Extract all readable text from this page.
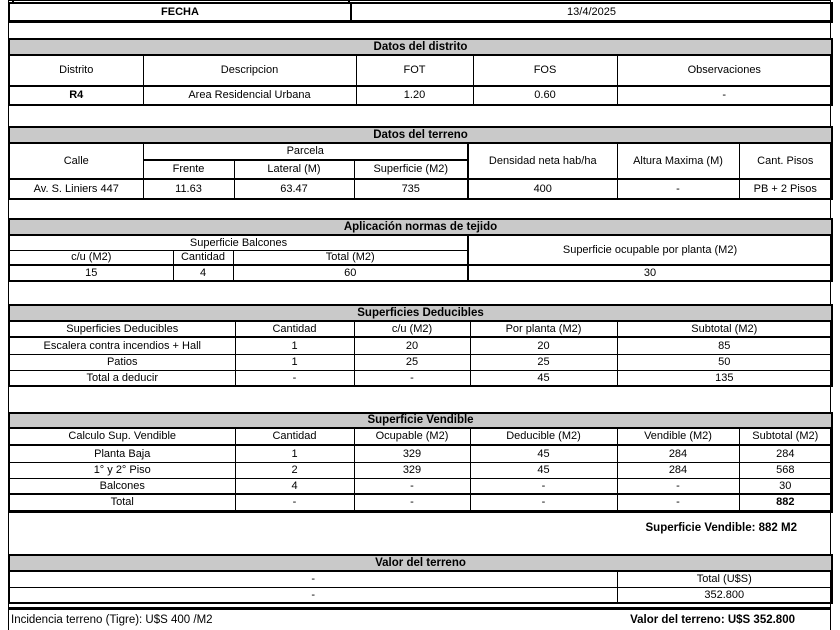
FECHA	13/4/2025
Datos del distrito				
Distrito	Descripcion	FOT	FOS	Observaciones
R4	Area Residencial Urbana	1.20	0.60	-
Datos del terreno						
Calle	Parcela			Densidad neta hab/ha	Altura Maxima (M)	Cant. Pisos
	Frente	Lateral (M)	Superficie (M2)			
Av. S. Liniers 447	11.63	63.47	735	400	-	PB + 2 Pisos
Aplicación normas de tejido			
Superficie Balcones			Superficie ocupable por planta (M2)
c/u (M2)	Cantidad	Total (M2)	
15	4	60	30
Superficies Deducibles				
Superficies Deducibles	Cantidad	c/u (M2)	Por planta (M2)	Subtotal (M2)
Escalera contra incendios + Hall	1	20	20	85
Patios	1	25	25	50
Total a deducir	-	-	45	135
Superficie Vendible					
Calculo Sup. Vendible	Cantidad	Ocupable (M2)	Deducible (M2)	Vendible (M2)	Subtotal (M2)
Planta Baja	1	329	45	284	284
1° y 2° Piso	2	329	45	284	568
Balcones	4	-	-	-	30
Total	-	-	-	-	882
Superficie Vendible: 882 M2
Valor del terreno	
-	Total (U$S)
-	352.800
Incidencia terreno (Tigre): U$S 400 /M2	Valor del terreno: U$S 352.800
